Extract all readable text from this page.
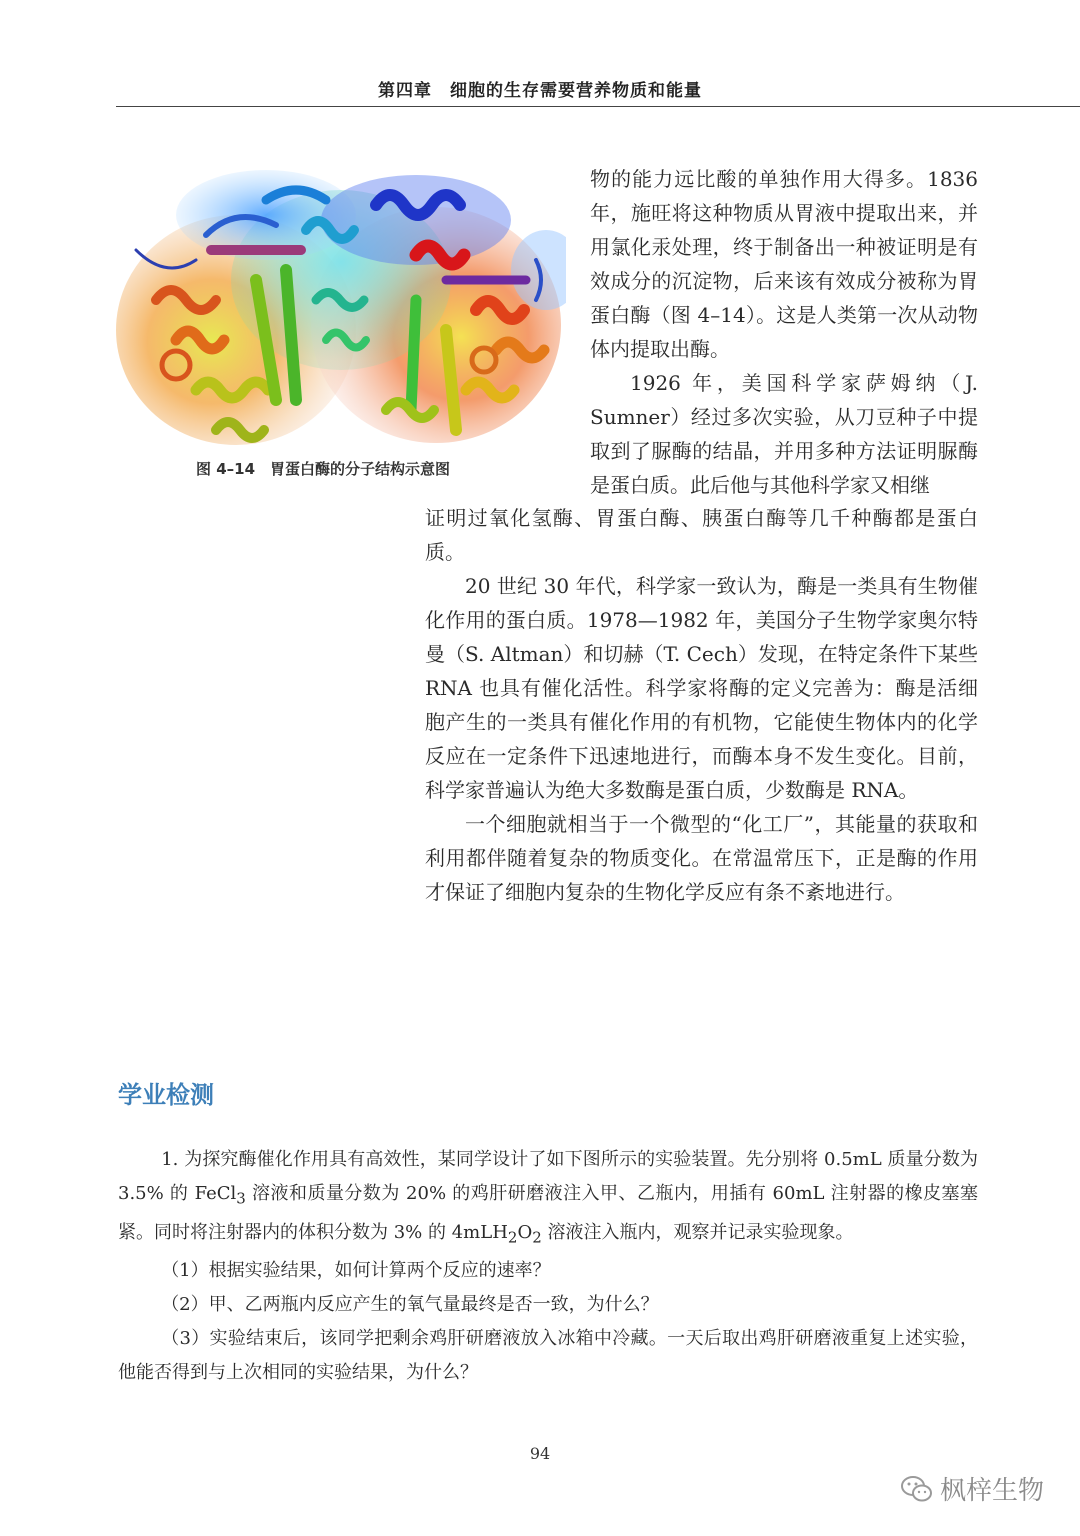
第四章　细胞的生存需要营养物质和能量
图 4–14　胃蛋白酶的分子结构示意图

物的能力远比酸的单独作用大得多。1836年，施旺将这种物质从胃液中提取出来，并用氯化汞处理，终于制备出一种被证明是有效成分的沉淀物，后来该有效成分被称为胃蛋白酶（图 4–14）。这是人类第一次从动物体内提取出酶。

1926 年，美国科学家萨姆纳（J. Sumner）经过多次实验，从刀豆种子中提取到了脲酶的结晶，并用多种方法证明脲酶是蛋白质。此后他与其他科学家又相继

证明过氧化氢酶、胃蛋白酶、胰蛋白酶等几千种酶都是蛋白质。

20 世纪 30 年代，科学家一致认为，酶是一类具有生物催化作用的蛋白质。1978—1982 年，美国分子生物学家奥尔特曼（S. Altman）和切赫（T. Cech）发现，在特定条件下某些 RNA 也具有催化活性。科学家将酶的定义完善为：酶是活细胞产生的一类具有催化作用的有机物，它能使生物体内的化学反应在一定条件下迅速地进行，而酶本身不发生变化。目前，科学家普遍认为绝大多数酶是蛋白质，少数酶是 RNA。

一个细胞就相当于一个微型的“化工厂”，其能量的获取和利用都伴随着复杂的物质变化。在常温常压下，正是酶的作用才保证了细胞内复杂的生物化学反应有条不紊地进行。

学业检测

1. 为探究酶催化作用具有高效性，某同学设计了如下图所示的实验装置。先分别将 0.5mL 质量分数为 3.5% 的 FeCl$_3$ 溶液和质量分数为 20% 的鸡肝研磨液注入甲、乙瓶内，用插有 60mL 注射器的橡皮塞塞紧。同时将注射器内的体积分数为 3% 的 $4mLH_2O_2$ 溶液注入瓶内，观察并记录实验现象。

（1）根据实验结果，如何计算两个反应的速率？

（2）甲、乙两瓶内反应产生的氧气量最终是否一致，为什么？

（3）实验结束后，该同学把剩余鸡肝研磨液放入冰箱中冷藏。一天后取出鸡肝研磨液重复上述实验，他能否得到与上次相同的实验结果，为什么？

94
枫梓生物
